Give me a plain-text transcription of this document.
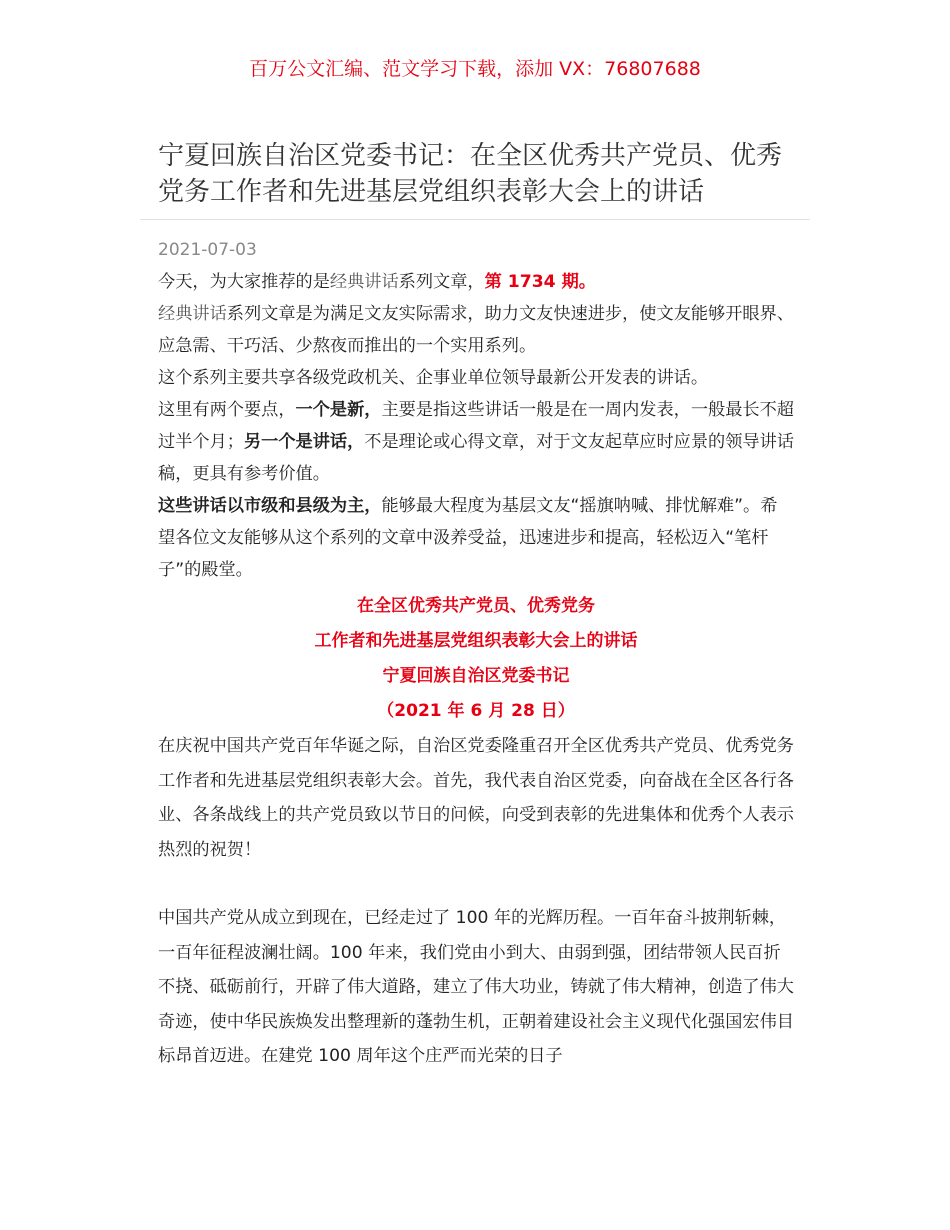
百万公文汇编、范文学习下载，添加 VX：76807688
宁夏回族自治区党委书记：在全区优秀共产党员、优秀党务工作者和先进基层党组织表彰大会上的讲话
2021-07-03

今天，为大家推荐的是经典讲话系列文章，第 1734 期。

经典讲话系列文章是为满足文友实际需求，助力文友快速进步，使文友能够开眼界、应急需、干巧活、少熬夜而推出的一个实用系列。

这个系列主要共享各级党政机关、企事业单位领导最新公开发表的讲话。

这里有两个要点，一个是新，主要是指这些讲话一般是在一周内发表，一般最长不超过半个月；另一个是讲话，不是理论或心得文章，对于文友起草应时应景的领导讲话稿，更具有参考价值。

这些讲话以市级和县级为主，能够最大程度为基层文友“摇旗呐喊、排忧解难”。希望各位文友能够从这个系列的文章中汲养受益，迅速进步和提高，轻松迈入“笔杆子”的殿堂。

在全区优秀共产党员、优秀党务
工作者和先进基层党组织表彰大会上的讲话
宁夏回族自治区党委书记
（2021 年 6 月 28 日）

在庆祝中国共产党百年华诞之际，自治区党委隆重召开全区优秀共产党员、优秀党务工作者和先进基层党组织表彰大会。首先，我代表自治区党委，向奋战在全区各行各业、各条战线上的共产党员致以节日的问候，向受到表彰的先进集体和优秀个人表示热烈的祝贺！

中国共产党从成立到现在，已经走过了 100 年的光辉历程。一百年奋斗披荆斩棘，一百年征程波澜壮阔。100 年来，我们党由小到大、由弱到强，团结带领人民百折不挠、砥砺前行，开辟了伟大道路，建立了伟大功业，铸就了伟大精神，创造了伟大奇迹，使中华民族焕发出整理新的蓬勃生机，正朝着建设社会主义现代化强国宏伟目标昂首迈进。在建党 100 周年这个庄严而光荣的日子
